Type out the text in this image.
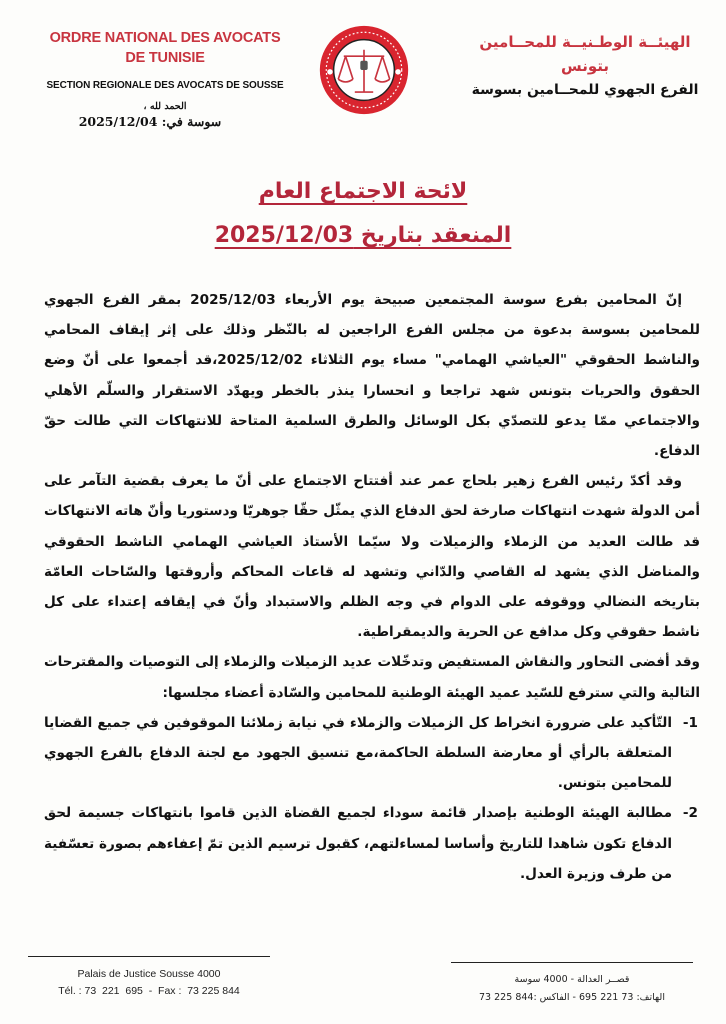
ORDRE NATIONAL DES AVOCATS
DE TUNISIE
SECTION REGIONALE DES AVOCATS DE SOUSSE
الحمد لله ،
سوسة في: 2025/12/04
الهيئــة الوطـنيــة للمحــامين
بتونس
الفرع الجهوي للمحــامين بسوسة
لائحة الاجتماع العام
المنعقد بتاريخ 2025/12/03

إنّ المحامين بفرع سوسة المجتمعين صبيحة يوم الأربعاء 2025/12/03 بمقر الفرع الجهوي للمحامين بسوسة بدعوة من مجلس الفرع الراجعين له بالنّظر وذلك على إثر إيقاف المحامي والناشط الحقوقي "العياشي الهمامي" مساء يوم الثلاثاء 2025/12/02،قد أجمعوا على أنّ وضع الحقوق والحريات بتونس شهد تراجعا و انحسارا ينذر بالخطر ويهدّد الاستقرار والسلّم الأهلي والاجتماعي ممّا يدعو للتصدّي بكل الوسائل والطرق السلمية المتاحة للانتهاكات التي طالت حقّ الدفاع.

وقد أكدّ رئيس الفرع زهير بلحاج عمر عند أفتتاح الاجتماع على أنّ ما يعرف بقضية التآمر على أمن الدولة شهدت انتهاكات صارخة لحق الدفاع الذي يمثّل حقّا جوهريّا ودستوريا وأنّ هاته الانتهاكات قد طالت العديد من الزملاء والزميلات ولا سيّما الأستاذ العياشي الهمامي الناشط الحقوقي والمناضل الذي يشهد له القاصي والدّاني وتشهد له قاعات المحاكم وأروقتها والسّاحات العامّة بتاريخه النضالي ووقوفه على الدوام في وجه الظلم والاستبداد وأنّ في إيقافه إعتداء على كل ناشط حقوقي وكل مدافع عن الحرية والديمقراطية.

وقد أفضى التحاور والنقاش المستفيض وتدخّلات عديد الزميلات والزملاء إلى التوصيات والمقترحات التالية والتي سترفع للسّيد عميد الهيئة الوطنية للمحامين والسّادة أعضاء مجلسها:

1-
التّأكيد على ضرورة انخراط كل الزميلات والزملاء في نيابة زملائنا الموقوفين في جميع القضايا المتعلقة بالرأي أو معارضة السلطة الحاكمة،مع تنسيق الجهود مع لجنة الدفاع بالفرع الجهوي للمحامين بتونس.
2-
مطالبة الهيئة الوطنية بإصدار قائمة سوداء لجميع القضاة الذين قاموا بانتهاكات جسيمة لحق الدفاع تكون شاهدا للتاريخ وأساسا لمساءلتهم، كقبول ترسيم الذين تمّ إعفاءهم بصورة تعسّفية من طرف وزيرة العدل.
Palais de Justice Sousse 4000
Tél. : 73  221  695  -  Fax :  73 225 844
قصــر العدالة - 4000 سوسة
الهاتف: 73 221 695 - الفاكس :844 225 73
